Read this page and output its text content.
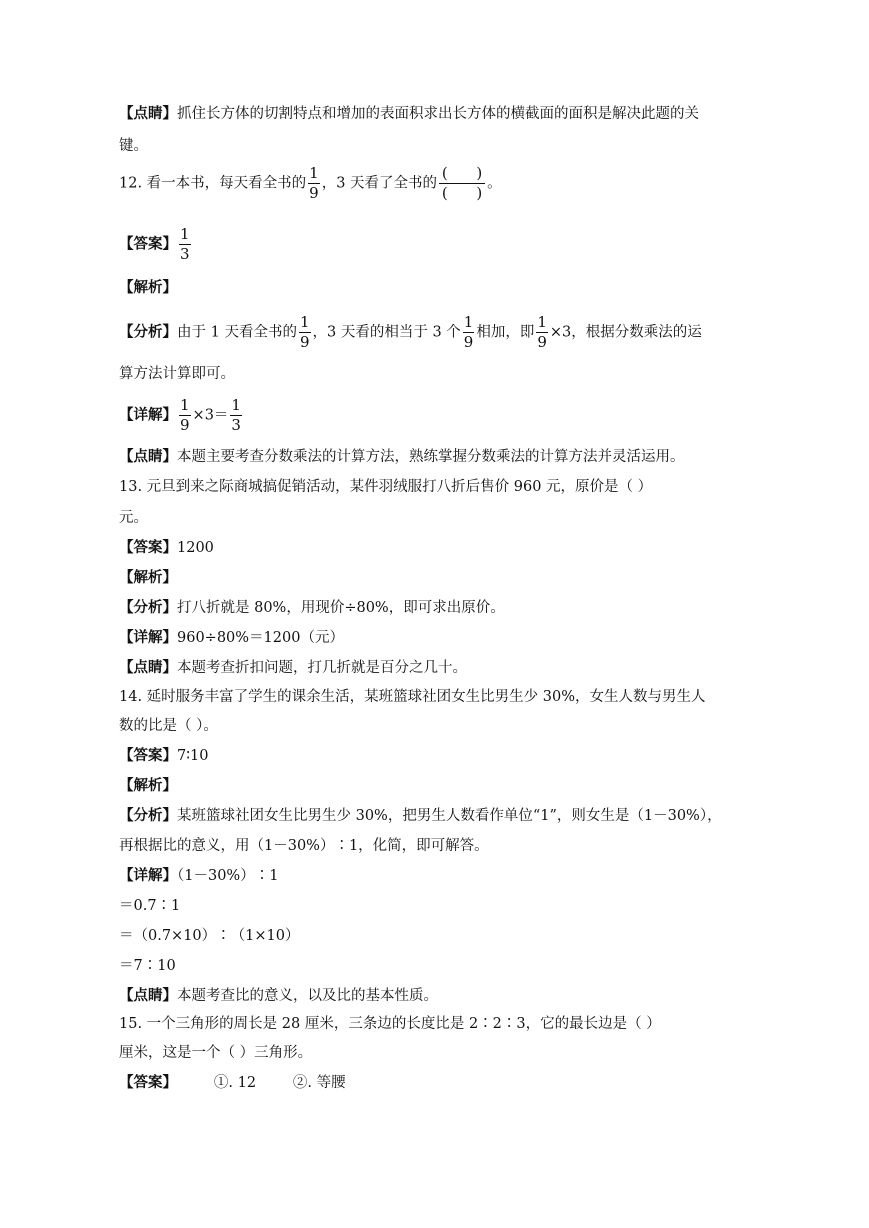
【点睛】抓住长方体的切割特点和增加的表面积求出长方体的横截面的面积是解决此题的关
键。
12. 看一本书，每天看全书的 $\frac{1}{9}$ ，3 天看了全书的 $\frac{( )}{( )}$ 。
【答案】 $\frac{1}{3}$
【解析】
【分析】由于 1 天看全书的 $\frac{1}{9}$ ，3 天看的相当于 3 个 $\frac{1}{9}$ 相加，即 $\frac{1}{9} \times 3$，根据分数乘法的运
算方法计算即可。
【详解】 $\frac{1}{9} \times 3= \frac{1}{3}$
【点睛】本题主要考查分数乘法的计算方法，熟练掌握分数乘法的计算方法并灵活运用。
13. 元旦到来之际商城搞促销活动，某件羽绒服打八折后售价 960 元，原价是（ ）
元。
【答案】1200
【解析】
【分析】打八折就是 80%，用现价÷80%，即可求出原价。
【详解】960÷80%＝1200（元）
【点睛】本题考查折扣问题，打几折就是百分之几十。
14. 延时服务丰富了学生的课余生活，某班篮球社团女生比男生少 30%，女生人数与男生人
数的比是（ ）。
【答案】7∶10
【解析】
【分析】某班篮球社团女生比男生少 30%，把男生人数看作单位“1”，则女生是（1－30%），
再根据比的意义，用（1－30%）∶1，化简，即可解答。
【详解】（1－30%）∶1
＝0.7∶1
＝（0.7×10）∶（1×10）
＝7∶10
【点睛】本题考查比的意义，以及比的基本性质。
15. 一个三角形的周长是 28 厘米，三条边的长度比是 2∶2∶3，它的最长边是（ ）
厘米，这是一个（ ）三角形。
【答案】        ①. 12        ②. 等腰
